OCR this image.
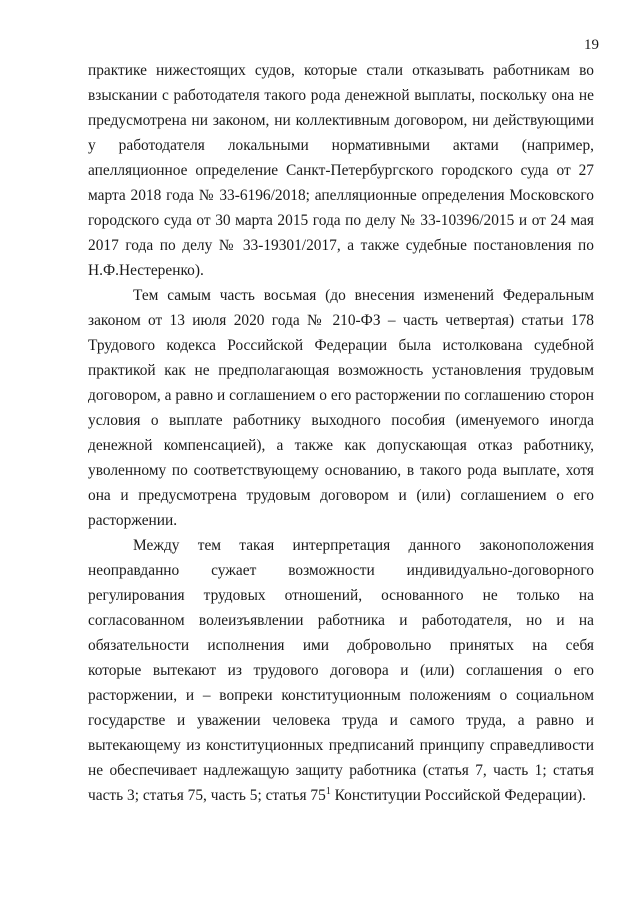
19
практике нижестоящих судов, которые стали отказывать работникам во
взыскании с работодателя такого рода денежной выплаты, поскольку она не
предусмотрена ни законом, ни коллективным договором, ни действующими
у работодателя локальными нормативными актами (например,
апелляционное определение Санкт-Петербургского городского суда от 27
марта 2018 года № 33-6196/2018; апелляционные определения Московского
городского суда от 30 марта 2015 года по делу № 33-10396/2015 и от 24 мая
2017 года по делу № 33-19301/2017, а также судебные постановления по
Н.Ф.Нестеренко).
Тем самым часть восьмая (до внесения изменений Федеральным
законом от 13 июля 2020 года № 210-ФЗ – часть четвертая) статьи 178
Трудового кодекса Российской Федерации была истолкована судебной
практикой как не предполагающая возможность установления трудовым
договором, а равно и соглашением о его расторжении по соглашению сторон
условия о выплате работнику выходного пособия (именуемого иногда
денежной компенсацией), а также как допускающая отказ работнику,
уволенному по соответствующему основанию, в такого рода выплате, хотя
она и предусмотрена трудовым договором и (или) соглашением о его
расторжении.
Между тем такая интерпретация данного законоположения
неоправданно сужает возможности индивидуально-договорного
регулирования трудовых отношений, основанного не только на
согласованном волеизъявлении работника и работодателя, но и на
обязательности исполнения ими добровольно принятых на себя
которые вытекают из трудового договора и (или) соглашения о его
расторжении, и – вопреки конституционным положениям о социальном
государстве и уважении человека труда и самого труда, а равно и
вытекающему из конституционных предписаний принципу справедливости
не обеспечивает надлежащую защиту работника (статья 7, часть 1; статья
часть 3; статья 75, часть 5; статья $75^1$ Конституции Российской Федерации).
